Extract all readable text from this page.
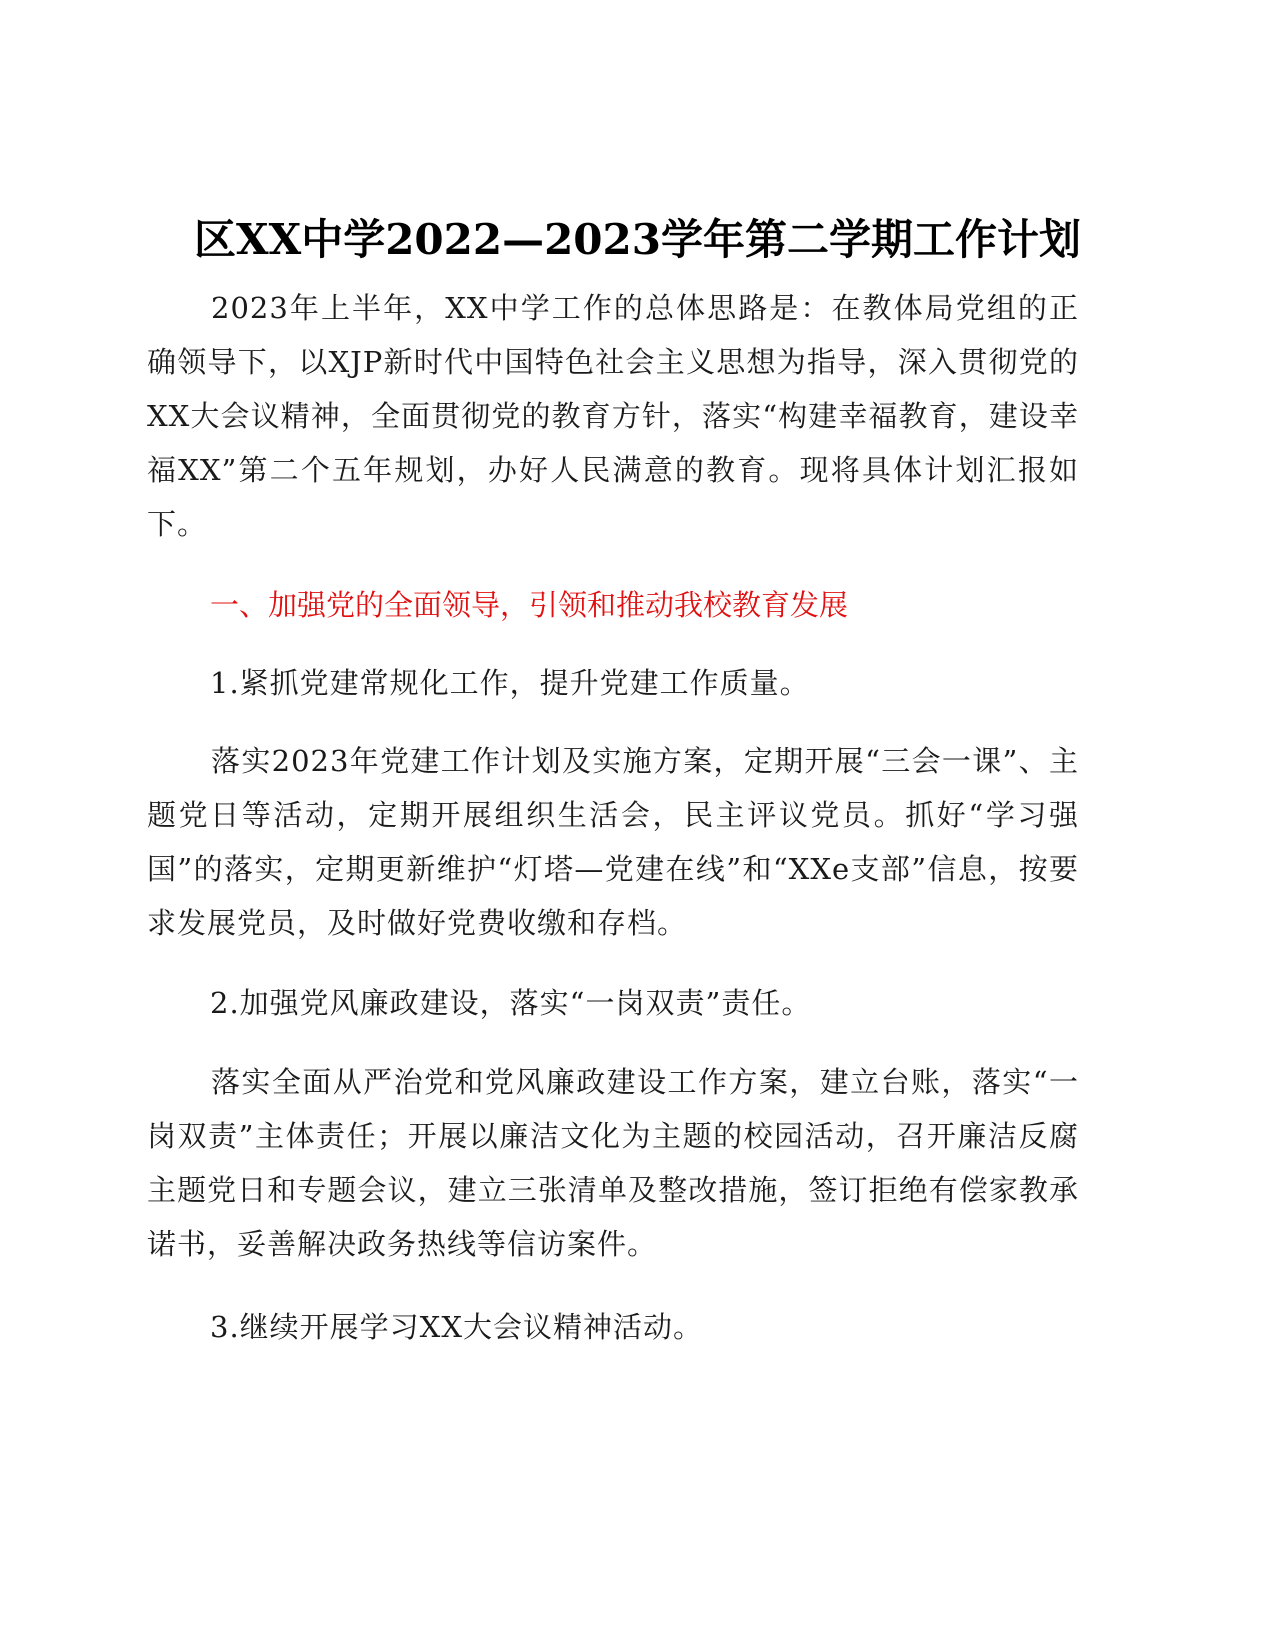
区XX中学2022—2023学年第二学期工作计划

2023年上半年，XX中学工作的总体思路是：在教体局党组的正确领导下，以XJP新时代中国特色社会主义思想为指导，深入贯彻党的XX大会议精神，全面贯彻党的教育方针，落实“构建幸福教育，建设幸福XX”第二个五年规划，办好人民满意的教育。现将具体计划汇报如下。

一、加强党的全面领导，引领和推动我校教育发展

1.紧抓党建常规化工作，提升党建工作质量。

落实2023年党建工作计划及实施方案，定期开展“三会一课”、主题党日等活动，定期开展组织生活会，民主评议党员。抓好“学习强国”的落实，定期更新维护“灯塔—党建在线”和“XXe支部”信息，按要求发展党员，及时做好党费收缴和存档。

2.加强党风廉政建设，落实“一岗双责”责任。

落实全面从严治党和党风廉政建设工作方案，建立台账，落实“一岗双责”主体责任；开展以廉洁文化为主题的校园活动，召开廉洁反腐主题党日和专题会议，建立三张清单及整改措施，签订拒绝有偿家教承诺书，妥善解决政务热线等信访案件。

3.继续开展学习XX大会议精神活动。
